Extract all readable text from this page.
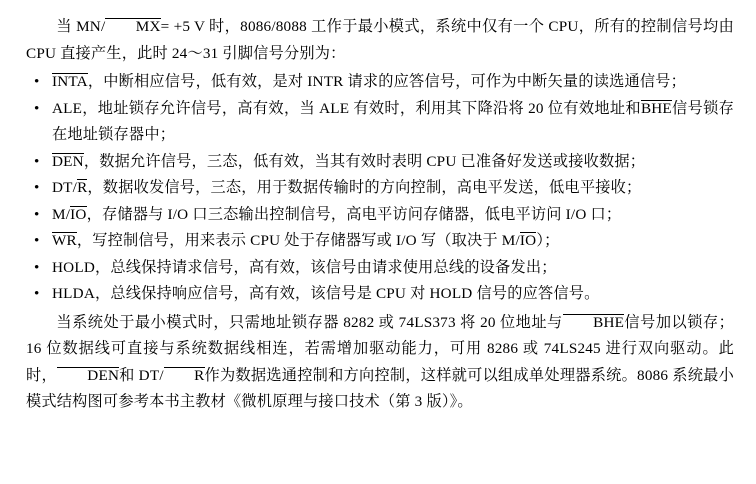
当 MN/ MX= +5 V 时，8086/8088 工作于最小模式，系统中仅有一个 CPU，所有的控制信号均由 CPU 直接产生，此时 24～31 引脚信号分别为：

• INTA，中断相应信号，低有效，是对 INTR 请求的应答信号，可作为中断矢量的读选通信号；
• ALE，地址锁存允许信号，高有效，当 ALE 有效时，利用其下降沿将 20 位有效地址和BHE信号锁存在地址锁存器中；
• DEN，数据允许信号，三态，低有效，当其有效时表明 CPU 已准备好发送或接收数据；
• DT/R，数据收发信号，三态，用于数据传输时的方向控制，高电平发送，低电平接收；
• M/IO，存储器与 I/O 口三态输出控制信号，高电平访问存储器，低电平访问 I/O 口；
• WR，写控制信号，用来表示 CPU 处于存储器写或 I/O 写（取决于 M/IO）；
• HOLD，总线保持请求信号，高有效，该信号由请求使用总线的设备发出；
• HLDA，总线保持响应信号，高有效，该信号是 CPU 对 HOLD 信号的应答信号。

当系统处于最小模式时，只需地址锁存器 8282 或 74LS373 将 20 位地址与 BHE信号加以锁存；16 位数据线可直接与系统数据线相连，若需增加驱动能力，可用 8286 或 74LS245 进行双向驱动。此时， DEN和 DT/ R作为数据选通控制和方向控制，这样就可以组成单处理器系统。8086 系统最小模式结构图可参考本书主教材《微机原理与接口技术（第 3 版）》。
